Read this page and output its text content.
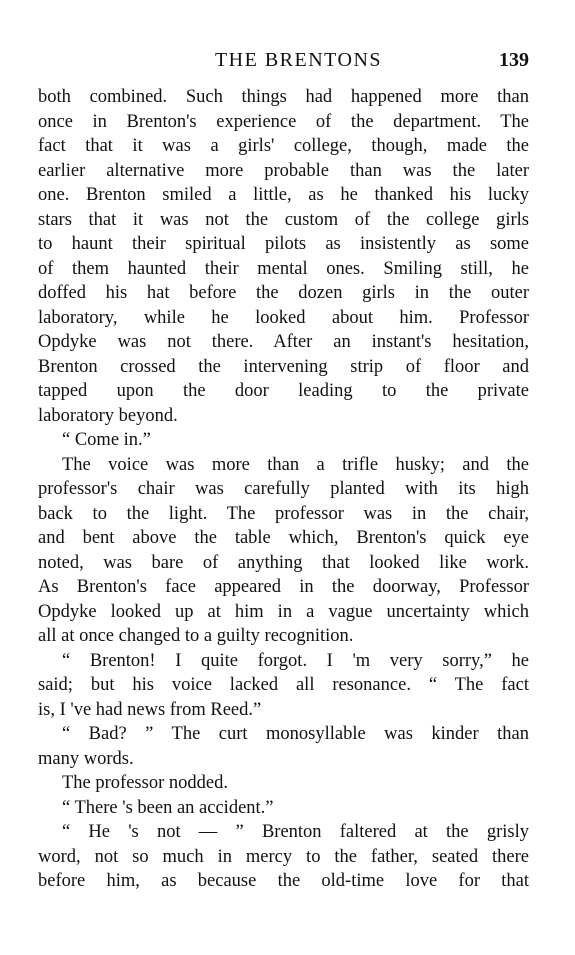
THE BRENTONS	139
both combined. Such things had happened more than
once in Brenton's experience of the department. The
fact that it was a girls' college, though, made the
earlier alternative more probable than was the later
one. Brenton smiled a little, as he thanked his lucky
stars that it was not the custom of the college girls
to haunt their spiritual pilots as insistently as some
of them haunted their mental ones. Smiling still, he
doffed his hat before the dozen girls in the outer
laboratory, while he looked about him. Professor
Opdyke was not there. After an instant's hesitation,
Brenton crossed the intervening strip of floor and
tapped upon the door leading to the private
laboratory beyond.
“ Come in.”
The voice was more than a trifle husky; and the
professor's chair was carefully planted with its high
back to the light. The professor was in the chair,
and bent above the table which, Brenton's quick eye
noted, was bare of anything that looked like work.
As Brenton's face appeared in the doorway, Professor
Opdyke looked up at him in a vague uncertainty which
all at once changed to a guilty recognition.
“ Brenton! I quite forgot. I 'm very sorry,” he
said; but his voice lacked all resonance. “ The fact
is, I 've had news from Reed.”
“ Bad? ” The curt monosyllable was kinder than
many words.
The professor nodded.
“ There 's been an accident.”
“ He 's not — ” Brenton faltered at the grisly
word, not so much in mercy to the father, seated there
before him, as because the old-time love for that
